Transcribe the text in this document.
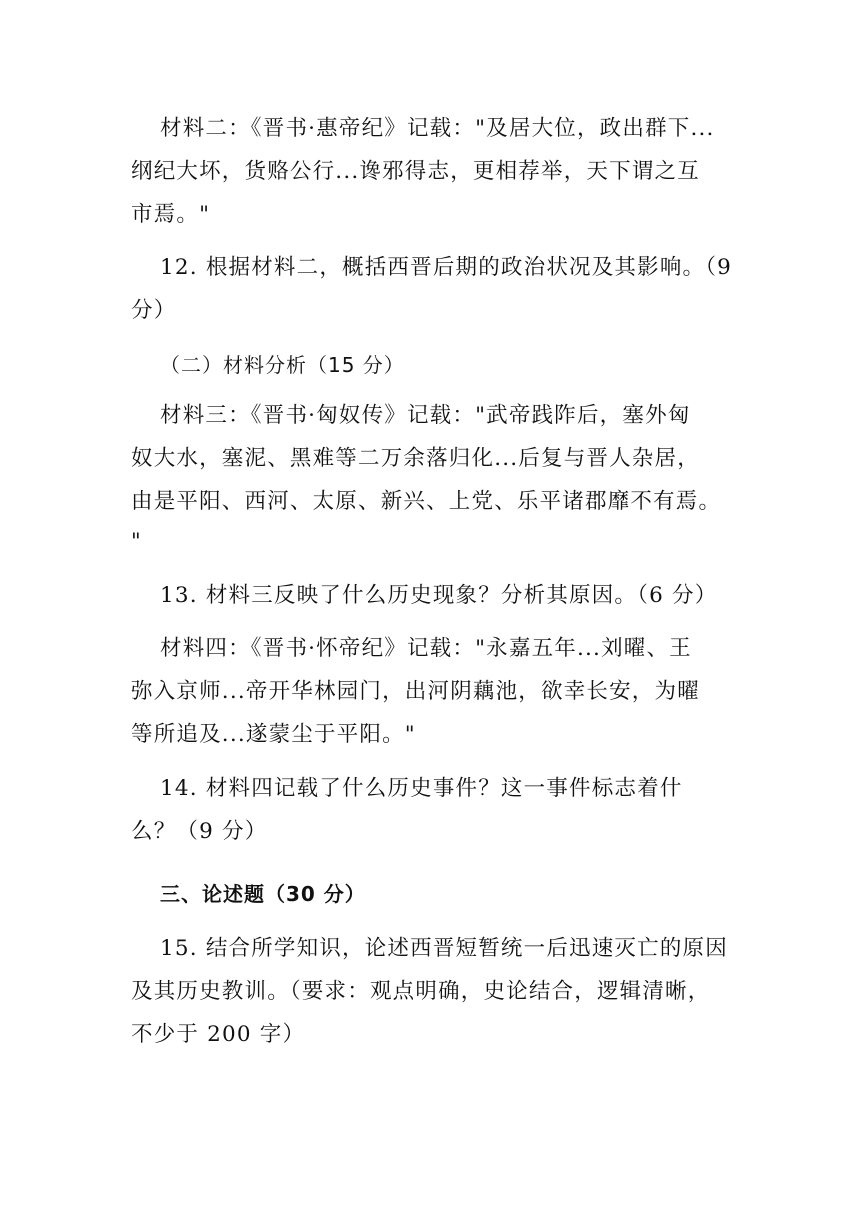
材料二：《晋书·惠帝纪》记载："及居大位，政出群下...
纲纪大坏，货赂公行...谗邪得志，更相荐举，天下谓之互
市焉。"
12. 根据材料二，概括西晋后期的政治状况及其影响。（9
分）
（二）材料分析（15 分）
材料三：《晋书·匈奴传》记载："武帝践阼后，塞外匈
奴大水，塞泥、黑难等二万余落归化...后复与晋人杂居，
由是平阳、西河、太原、新兴、上党、乐平诸郡靡不有焉。
"
13. 材料三反映了什么历史现象？分析其原因。（6 分）
材料四：《晋书·怀帝纪》记载："永嘉五年...刘曜、王
弥入京师...帝开华林园门，出河阴藕池，欲幸长安，为曜
等所追及...遂蒙尘于平阳。"
14. 材料四记载了什么历史事件？这一事件标志着什
么？（9 分）
三、论述题（30 分）
15. 结合所学知识，论述西晋短暂统一后迅速灭亡的原因
及其历史教训。（要求：观点明确，史论结合，逻辑清晰，
不少于 200 字）
